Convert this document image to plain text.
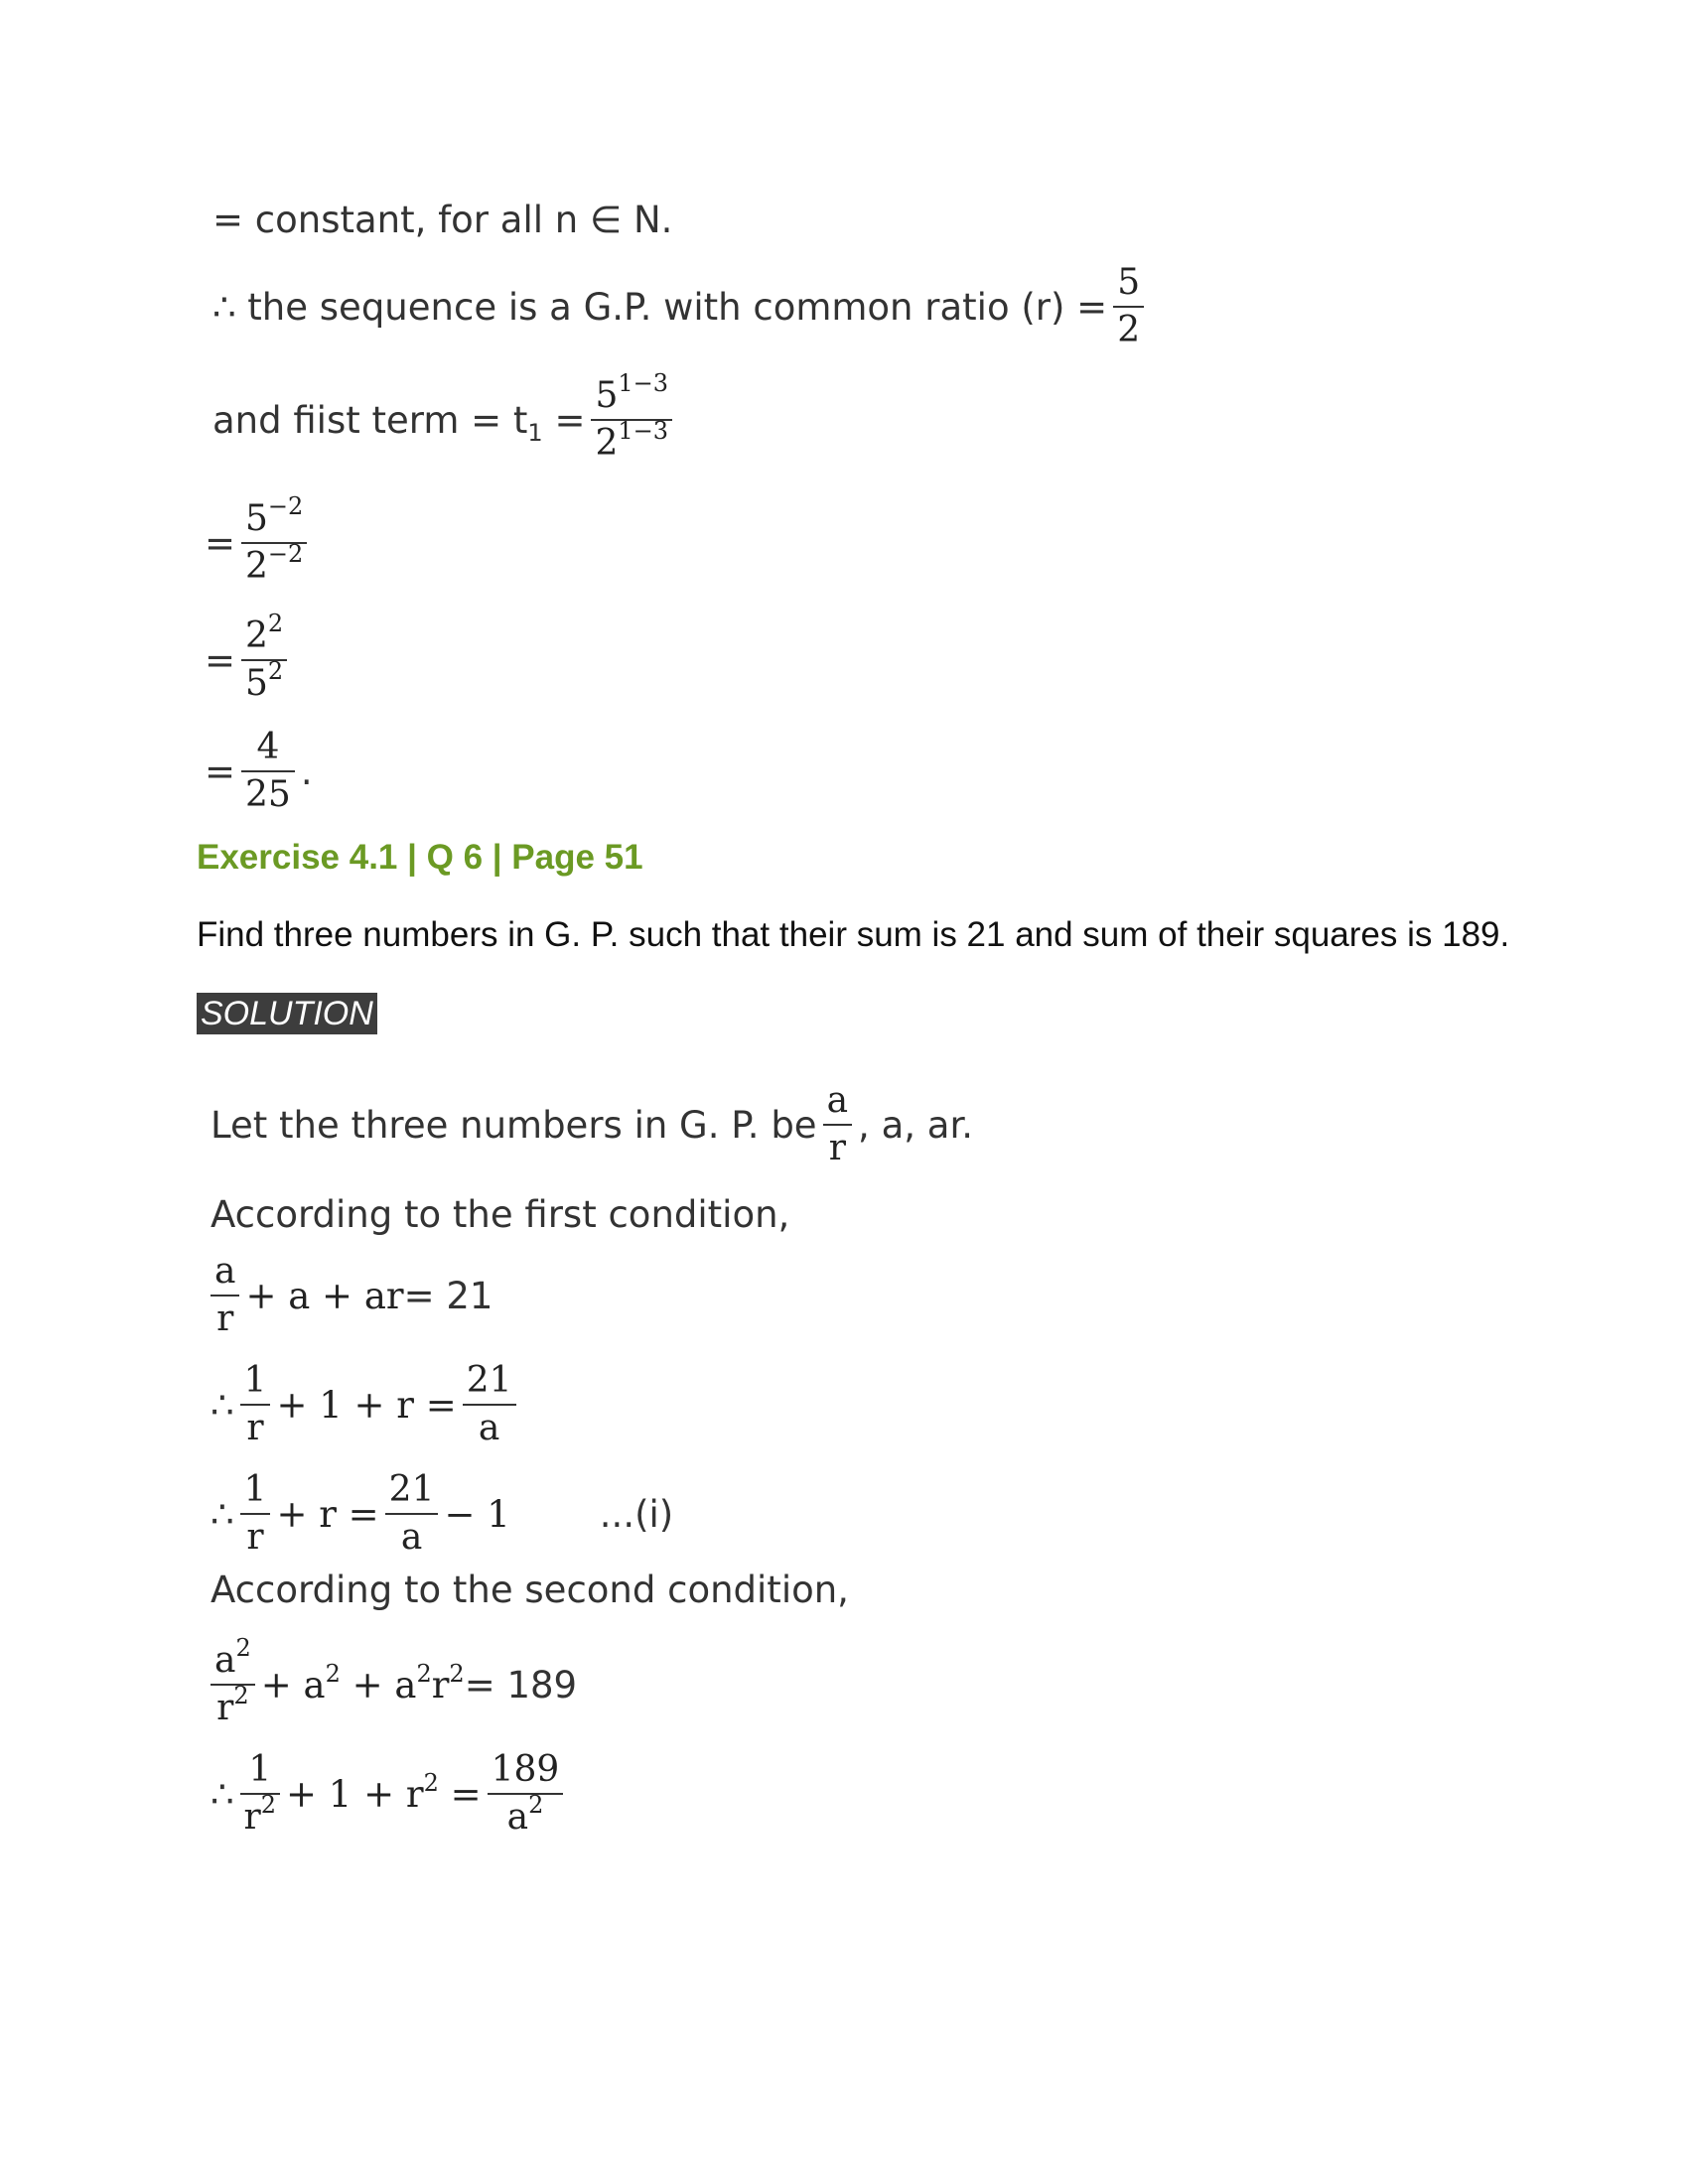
= constant, for all n ∈ N.
∴ the sequence is a G.P. with common ratio $(r) = \frac{5}{2}$
and fiist term = $t_1 = \frac{5^{1-3}}{2^{1-3}}$
= $\frac{5^{-2}}{2^{-2}}$
= $\frac{2^2}{5^2}$
= $\frac{4}{25}$ .
Exercise 4.1 | Q 6 | Page 51
Find three numbers in G. P. such that their sum is 21 and sum of their squares is 189.
SOLUTION
Let the three numbers in G. P. be $\frac{a}{r}$ , a, ar.
According to the first condition,
$\frac{a}{r} + a$ + ar = 21
∴ $\frac{1}{r} + 1 + r = \frac{21}{a}$
∴ $\frac{1}{r} + r = \frac{21}{a} - 1$ ...(i)
According to the second condition,
$\frac{a^2}{r^2} + a^2 + a^2r^2 = 189$
∴ $\frac{1}{r^2} + 1 + r^2 = \frac{189}{a^2}$
